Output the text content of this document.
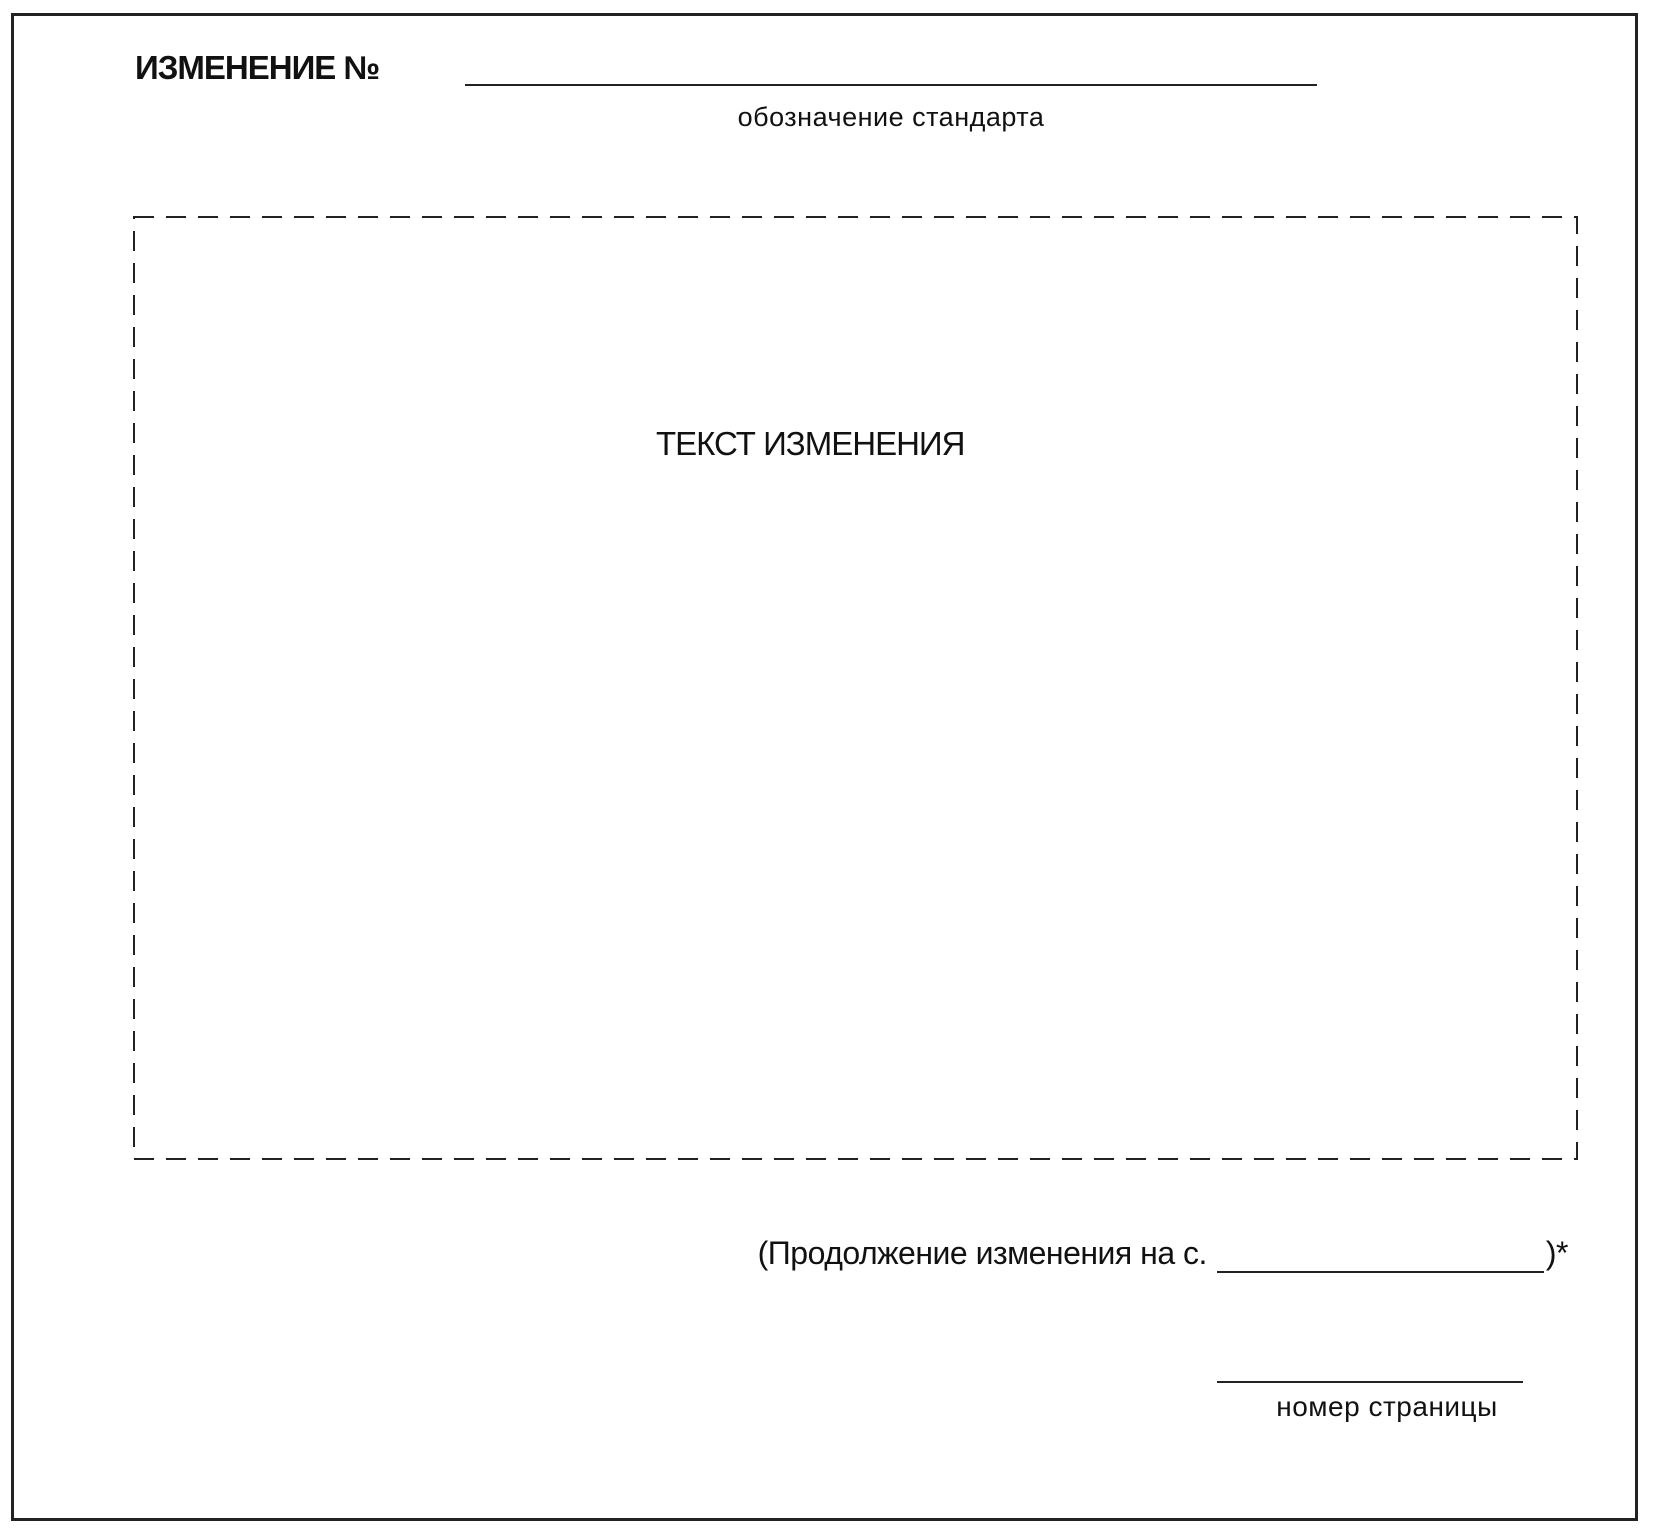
ИЗМЕНЕНИЕ №
обозначение стандарта
ТЕКСТ ИЗМЕНЕНИЯ
(Продолжение изменения на с.	)*
номер страницы
